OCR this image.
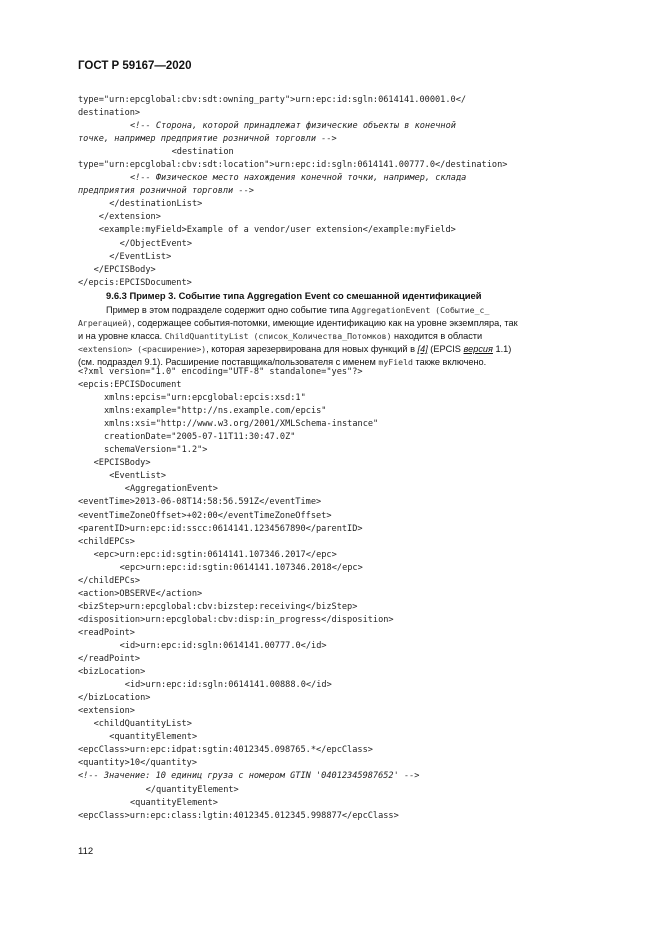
ГОСТ Р 59167—2020
type="urn:epcglobal:cbv:sdt:owning_party">urn:epc:id:sgln:0614141.00001.0</
destination>
<!-- Сторона, которой принадлежат физические объекты в конечной
точке, например предприятие розничной торговли -->
<destination
type="urn:epcglobal:cbv:sdt:location">urn:epc:id:sgln:0614141.00777.0</destination>
<!-- Физическое место нахождения конечной точки, например, склада
предприятия розничной торговли -->
</destinationList>
</extension>
<example:myField>Example of a vendor/user extension</example:myField>
</ObjectEvent>
</EventList>
</EPCISBody>
</epcis:EPCISDocument>
9.6.3 Пример 3. Событие типа Aggregation Event со смешанной идентификацией
Пример в этом подразделе содержит одно событие типа AggregationEvent (Событие_с_
Агрегацией), содержащее события-потомки, имеющие идентификацию как на уровне экземпляра, так
и на уровне класса. ChildQuantityList (список_Количества_Потомков) находится в области
<extension> (<расширение>), которая зарезервирована для новых функций в [4] (EPCIS версия 1.1)
(см. подраздел 9.1). Расширение поставщика/пользователя с именем myField также включено.
<?xml version="1.0" encoding="UTF-8" standalone="yes"?>
<epcis:EPCISDocument
xmlns:epcis="urn:epcglobal:epcis:xsd:1"
xmlns:example="http://ns.example.com/epcis"
xmlns:xsi="http://www.w3.org/2001/XMLSchema-instance"
creationDate="2005-07-11T11:30:47.0Z"
schemaVersion="1.2">
<EPCISBody>
<EventList>
<AggregationEvent>
<eventTime>2013-06-08T14:58:56.591Z</eventTime>
<eventTimeZoneOffset>+02:00</eventTimeZoneOffset>
<parentID>urn:epc:id:sscc:0614141.1234567890</parentID>
<childEPCs>
<epc>urn:epc:id:sgtin:0614141.107346.2017</epc>
<epc>urn:epc:id:sgtin:0614141.107346.2018</epc>
</childEPCs>
<action>OBSERVE</action>
<bizStep>urn:epcglobal:cbv:bizstep:receiving</bizStep>
<disposition>urn:epcglobal:cbv:disp:in_progress</disposition>
<readPoint>
<id>urn:epc:id:sgln:0614141.00777.0</id>
</readPoint>
<bizLocation>
<id>urn:epc:id:sgln:0614141.00888.0</id>
</bizLocation>
<extension>
<childQuantityList>
<quantityElement>
<epcClass>urn:epc:idpat:sgtin:4012345.098765.*</epcClass>
<quantity>10</quantity>
<!-- Значение: 10 единиц груза с номером GTIN '04012345987652' -->
</quantityElement>
<quantityElement>
<epcClass>urn:epc:class:lgtin:4012345.012345.998877</epcClass>
112
